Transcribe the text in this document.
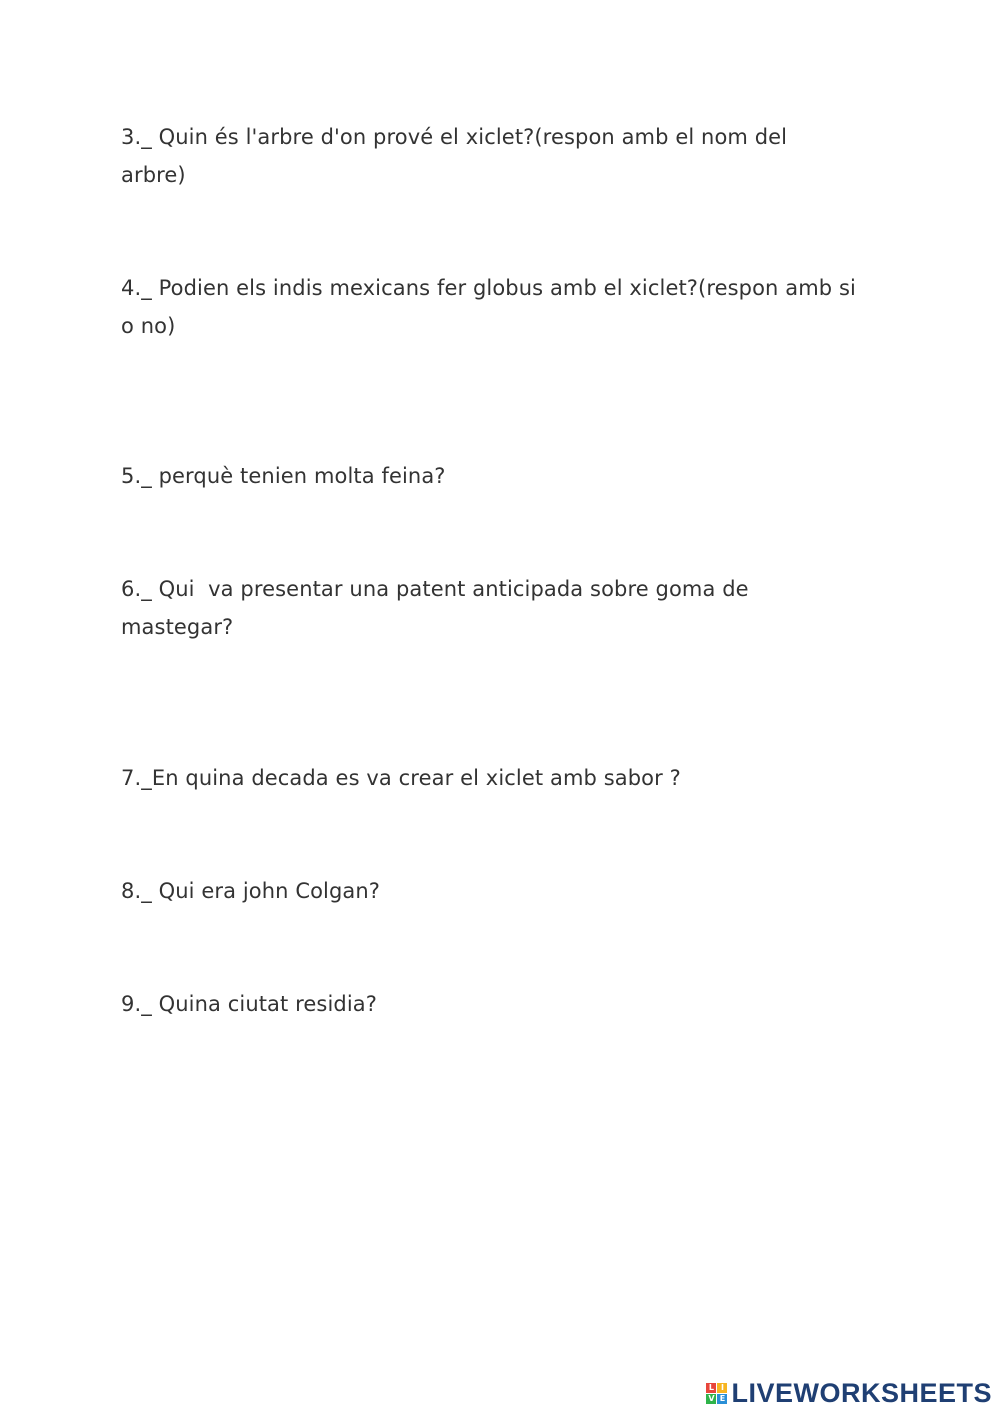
3._ Quin és l'arbre d'on prové el xiclet?(respon amb el nom del
arbre)
4._ Podien els indis mexicans fer globus amb el xiclet?(respon amb si
o no)
5._ perquè tenien molta feina?
6._ Qui  va presentar una patent anticipada sobre goma de
mastegar?
7._En quina decada es va crear el xiclet amb sabor ?
8._ Qui era john Colgan?
9._ Quina ciutat residia?
L I
V E LIVEWORKSHEETS
